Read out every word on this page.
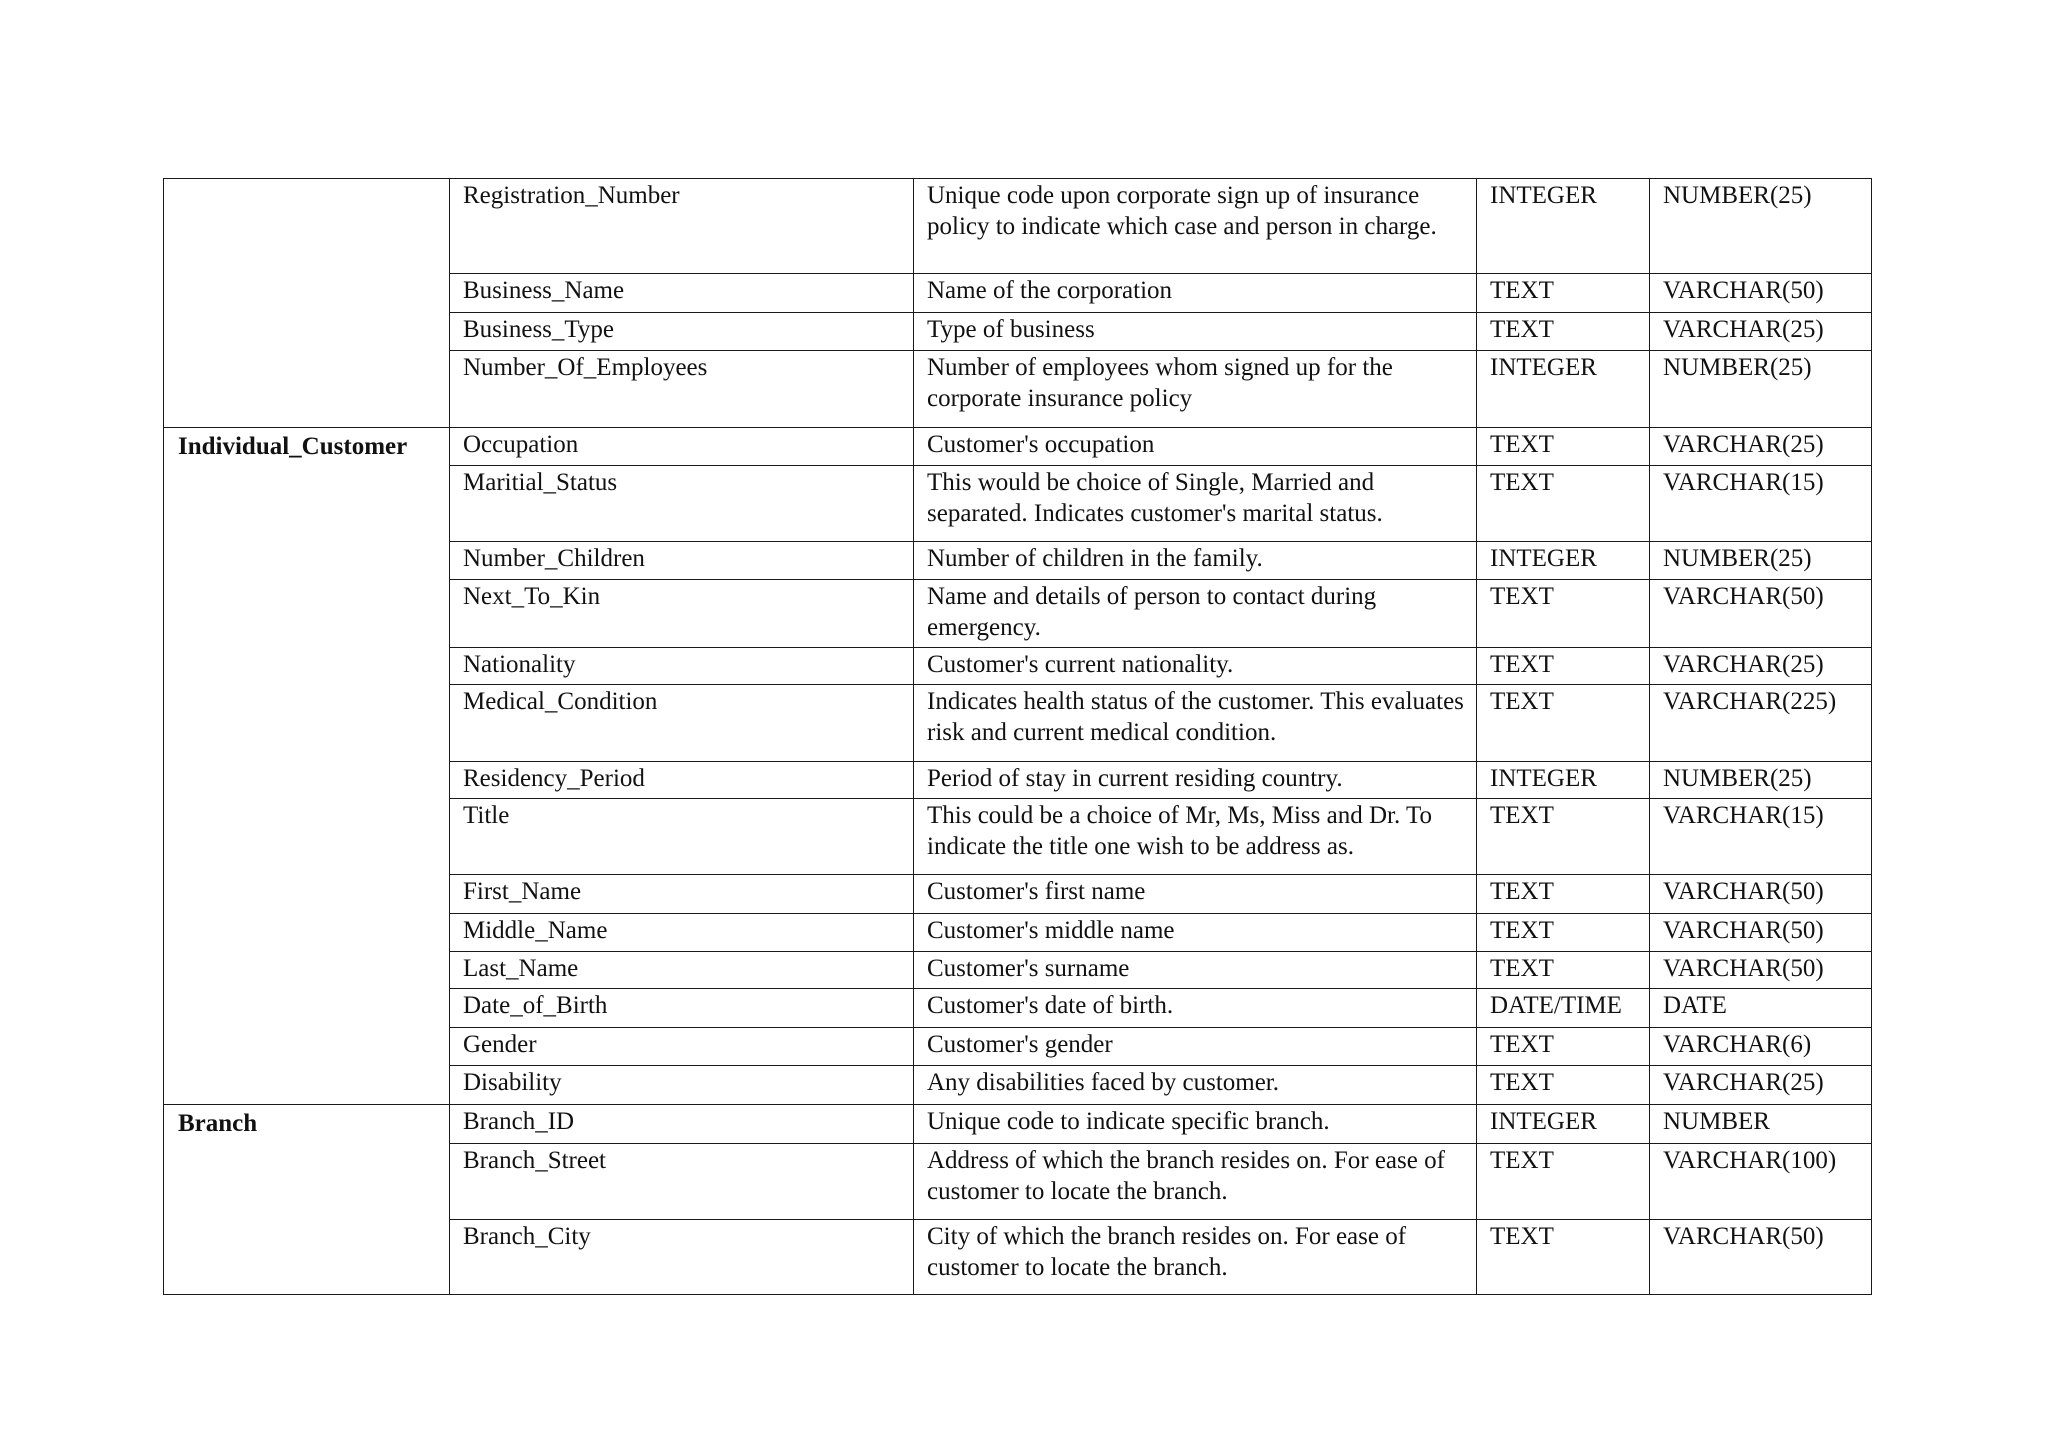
	Registration_Number	Unique code upon corporate sign up of insurance policy to indicate which case and person in charge.	INTEGER	NUMBER(25)
	Business_Name	Name of the corporation	TEXT	VARCHAR(50)
	Business_Type	Type of business	TEXT	VARCHAR(25)
	Number_Of_Employees	Number of employees whom signed up for the corporate insurance policy	INTEGER	NUMBER(25)
Individual_Customer	Occupation	Customer's occupation	TEXT	VARCHAR(25)
	Maritial_Status	This would be choice of Single, Married and separated. Indicates customer's marital status.	TEXT	VARCHAR(15)
	Number_Children	Number of children in the family.	INTEGER	NUMBER(25)
	Next_To_Kin	Name and details of person to contact during emergency.	TEXT	VARCHAR(50)
	Nationality	Customer's current nationality.	TEXT	VARCHAR(25)
	Medical_Condition	Indicates health status of the customer. This evaluates risk and current medical condition.	TEXT	VARCHAR(225)
	Residency_Period	Period of stay in current residing country.	INTEGER	NUMBER(25)
	Title	This could be a choice of Mr, Ms, Miss and Dr. To indicate the title one wish to be address as.	TEXT	VARCHAR(15)
	First_Name	Customer's first name	TEXT	VARCHAR(50)
	Middle_Name	Customer's middle name	TEXT	VARCHAR(50)
	Last_Name	Customer's surname	TEXT	VARCHAR(50)
	Date_of_Birth	Customer's date of birth.	DATE/TIME	DATE
	Gender	Customer's gender	TEXT	VARCHAR(6)
	Disability	Any disabilities faced by customer.	TEXT	VARCHAR(25)
Branch	Branch_ID	Unique code to indicate specific branch.	INTEGER	NUMBER
	Branch_Street	Address of which the branch resides on. For ease of customer to locate the branch.	TEXT	VARCHAR(100)
	Branch_City	City of which the branch resides on. For ease of customer to locate the branch.	TEXT	VARCHAR(50)
